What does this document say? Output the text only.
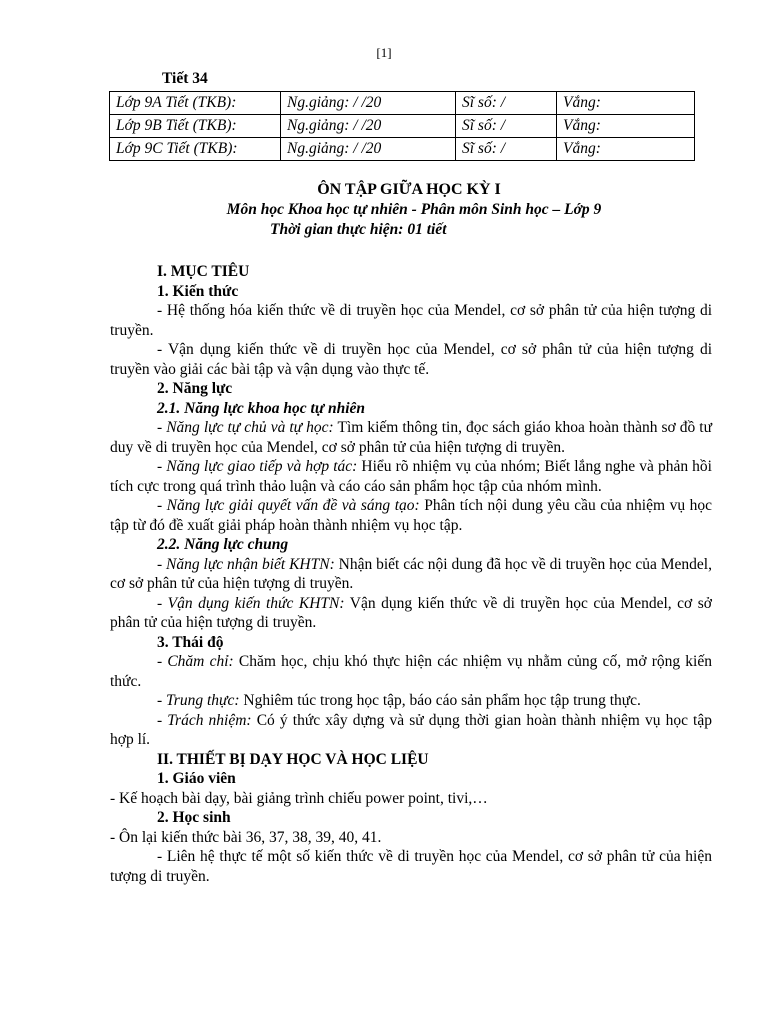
[1]
Tiết 34
Lớp 9A Tiết (TKB):	Ng.giảng: / /20	Sĩ số: /	Vắng:
Lớp 9B Tiết (TKB):	Ng.giảng: / /20	Sĩ số: /	Vắng:
Lớp 9C Tiết (TKB):	Ng.giảng: / /20	Sĩ số: /	Vắng:
ÔN TẬP GIỮA HỌC KỲ I
Môn học Khoa học tự nhiên - Phân môn Sinh học – Lớp 9
Thời gian thực hiện: 01 tiết

I. MỤC TIÊU

1. Kiến thức

- Hệ thống hóa kiến thức về di truyền học của Mendel, cơ sở phân tử của hiện tượng di truyền.

- Vận dụng kiến thức về di truyền học của Mendel, cơ sở phân tử của hiện tượng di truyền vào giải các bài tập và vận dụng vào thực tế.

2. Năng lực

2.1. Năng lực khoa học tự nhiên

- Năng lực tự chủ và tự học: Tìm kiếm thông tin, đọc sách giáo khoa hoàn thành sơ đồ tư duy về di truyền học của Mendel, cơ sở phân tử của hiện tượng di truyền.

- Năng lực giao tiếp và hợp tác: Hiểu rõ nhiệm vụ của nhóm; Biết lắng nghe và phản hồi tích cực trong quá trình thảo luận và cáo cáo sản phẩm học tập của nhóm mình.

- Năng lực giải quyết vấn đề và sáng tạo: Phân tích nội dung yêu cầu của nhiệm vụ học tập từ đó đề xuất giải pháp hoàn thành nhiệm vụ học tập.

2.2. Năng lực chung

- Năng lực nhận biết KHTN: Nhận biết các nội dung đã học về di truyền học của Mendel, cơ sở phân tử của hiện tượng di truyền.

- Vận dụng kiến thức KHTN: Vận dụng kiến thức về di truyền học của Mendel, cơ sở phân tử của hiện tượng di truyền.

3. Thái độ

- Chăm chỉ: Chăm học, chịu khó thực hiện các nhiệm vụ nhằm củng cố, mở rộng kiến thức.

- Trung thực: Nghiêm túc trong học tập, báo cáo sản phẩm học tập trung thực.

- Trách nhiệm: Có ý thức xây dựng và sử dụng thời gian hoàn thành nhiệm vụ học tập hợp lí.

II. THIẾT BỊ DẠY HỌC VÀ HỌC LIỆU

1. Giáo viên

- Kế hoạch bài dạy, bài giảng trình chiếu power point, tivi,…

2. Học sinh

- Ôn lại kiến thức bài 36, 37, 38, 39, 40, 41.

- Liên hệ thực tế một số kiến thức về di truyền học của Mendel, cơ sở phân tử của hiện tượng di truyền.
